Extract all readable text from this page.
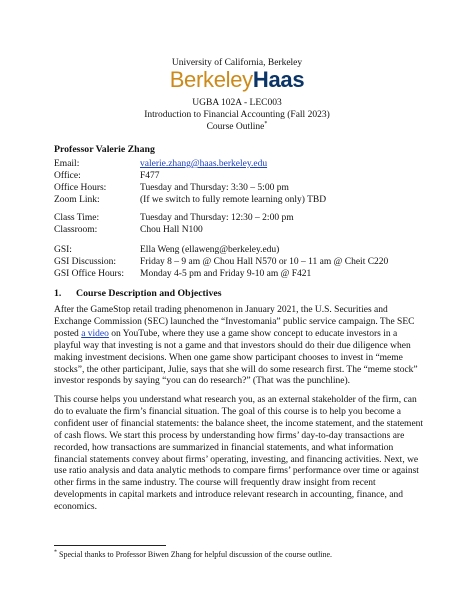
University of California, Berkeley
BerkeleyHaas
UGBA 102A - LEC003
Introduction to Financial Accounting (Fall 2023)
Course Outline*
Professor Valerie Zhang
Email:	valerie.zhang@haas.berkeley.edu
Office:	F477
Office Hours:	Tuesday and Thursday: 3:30 – 5:00 pm
Zoom Link:	(If we switch to fully remote learning only) TBD
Class Time:	Tuesday and Thursday: 12:30 – 2:00 pm
Classroom:	Chou Hall N100
GSI:	Ella Weng (ellaweng@berkeley.edu)
GSI Discussion:	Friday 8 – 9 am @ Chou Hall N570 or 10 – 11 am @ Cheit C220
GSI Office Hours: Monday 4-5 pm and Friday 9-10 am @ F421
1. Course Description and Objectives
After the GameStop retail trading phenomenon in January 2021, the U.S. Securities and
Exchange Commission (SEC) launched the “Investomania” public service campaign. The SEC
posted a video on YouTube, where they use a game show concept to educate investors in a
playful way that investing is not a game and that investors should do their due diligence when
making investment decisions. When one game show participant chooses to invest in “meme
stocks”, the other participant, Julie, says that she will do some research first. The “meme stock”
investor responds by saying “you can do research?” (That was the punchline).
This course helps you understand what research you, as an external stakeholder of the firm, can
do to evaluate the firm’s financial situation. The goal of this course is to help you become a
confident user of financial statements: the balance sheet, the income statement, and the statement
of cash flows. We start this process by understanding how firms’ day-to-day transactions are
recorded, how transactions are summarized in financial statements, and what information
financial statements convey about firms’ operating, investing, and financing activities. Next, we
use ratio analysis and data analytic methods to compare firms’ performance over time or against
other firms in the same industry. The course will frequently draw insight from recent
developments in capital markets and introduce relevant research in accounting, finance, and
economics.
* Special thanks to Professor Biwen Zhang for helpful discussion of the course outline.
